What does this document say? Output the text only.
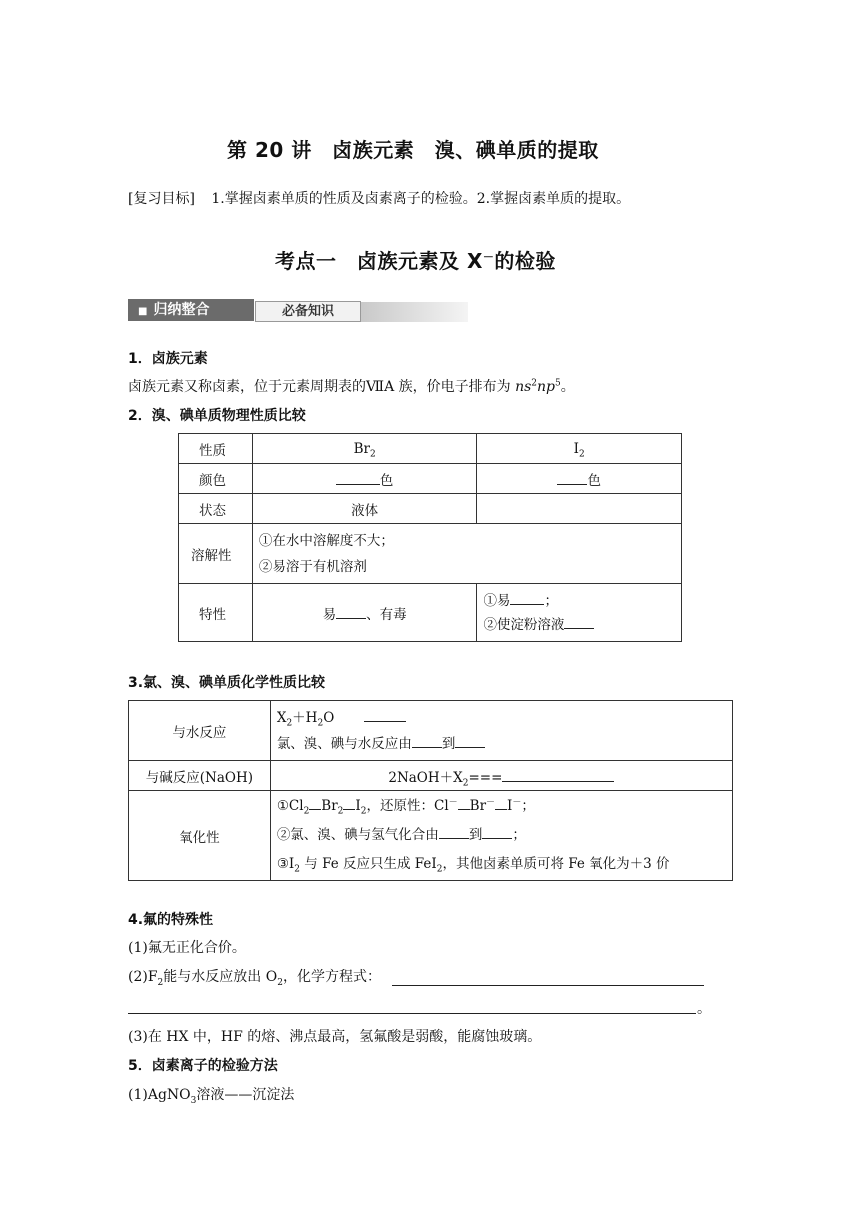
第 20 讲　卤族元素　溴、碘单质的提取
[复习目标] 1.掌握卤素单质的性质及卤素离子的检验。2.掌握卤素单质的提取。
考点一　卤族元素及 X－的检验
■ 归纳整合	必备知识
1．卤族元素
卤族元素又称卤素，位于元素周期表的ⅦA 族，价电子排布为 $ns^2np^5$。
2．溴、碘单质物理性质比较
性质	$Br_2$	$I_2$
颜色	色	色
状态	液体	
溶解性	①在水中溶解度不大；
②易溶于有机溶剂	

特性	易 、有毒	①易 ；
②使淀粉溶液
3.氯、溴、碘单质化学性质比较
与水反应	$X_2+H_2O$
氯、溴、碘与水反应由 到

与碱反应(NaOH)	$2NaOH+X_2===$
氧化性	$①Cl_2$ $Br_2$ $I_2$，还原性：Cl－ Br－ I－；
②氯、溴、碘与氢气化合由 到 ；
$③I_2$ 与 Fe 反应只生成 FeI$_2$，其他卤素单质可将 Fe 氧化为＋3 价
4.氟的特殊性
(1)氟无正化合价。
$(2)F_2$能与水反应放出 $O_2$，化学方程式：
。
(3)在 HX 中，HF 的熔、沸点最高，氢氟酸是弱酸，能腐蚀玻璃。
5．卤素离子的检验方法
(1)AgNO$_3$溶液——沉淀法
